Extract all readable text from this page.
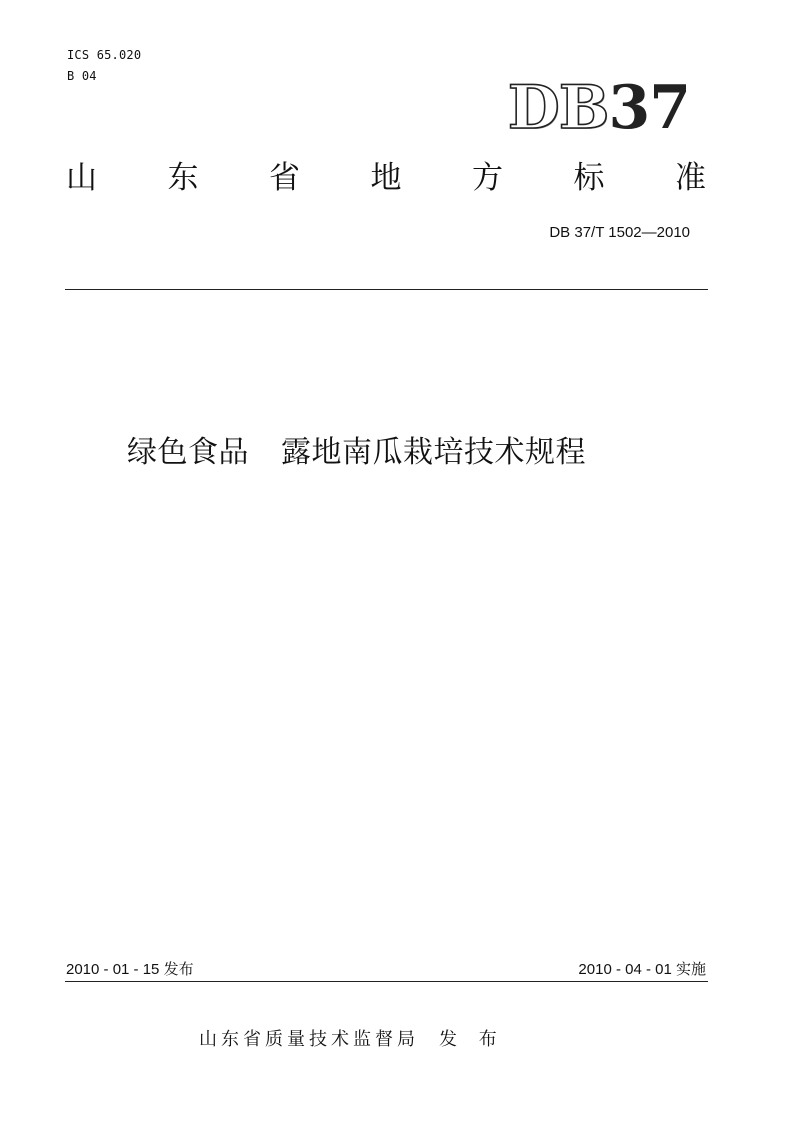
ICS 65.020
B 04	DB37
山 东 省 地 方 标 准
DB 37/T 1502—2010
绿色食品 露地南瓜栽培技术规程
2010 - 01 - 15 发布	2010 - 04 - 01 实施
山东省质量技术监督局 发 布
